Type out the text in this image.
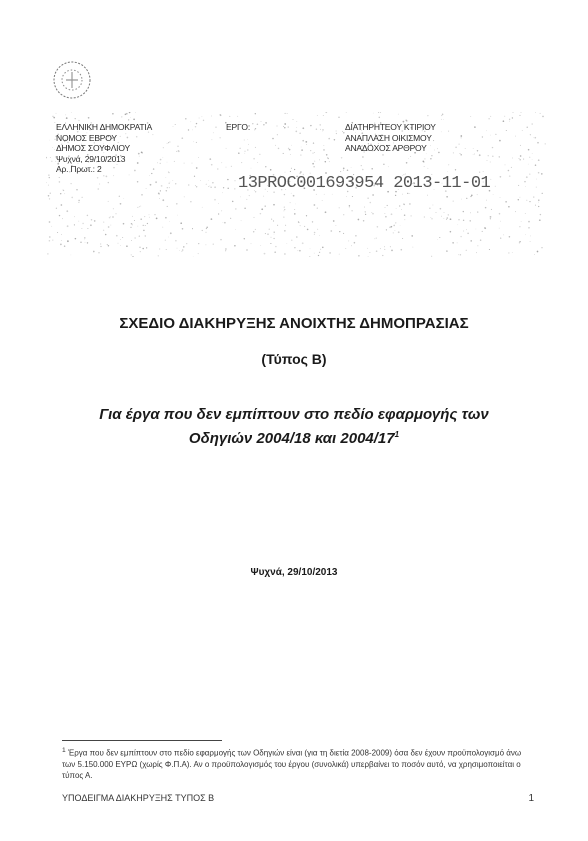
ΕΛΛΗΝΙΚΗ ΔΗΜΟΚΡΑΤΙΑ
ΝΟΜΟΣ ΕΒΡΟΥ
ΔΗΜΟΣ ΣΟΥΦΛΙΟΥ
Ψυχνά, 29/10/2013
Αρ. Πρωτ.: 2
ΕΡΓΟ:	ΔΙΑΤΗΡΗΤΕΟΥ ΚΤΙΡΙΟΥ
ΑΝΑΠΛΑΣΗ ΟΙΚΙΣΜΟΥ
ΑΝΑΔΟΧΟΣ ΑΡΘΡΟΥ
13PROC001693954 2013-11-01
ΣΧΕΔΙΟ ΔΙΑΚΗΡΥΞΗΣ ΑΝΟΙΧΤΗΣ ΔΗΜΟΠΡΑΣΙΑΣ
(Τύπος Β)
Για έργα που δεν εμπίπτουν στο πεδίο εφαρμογής των
Οδηγιών 2004/18 και $2004/17^1$
Ψυχνά, 29/10/2013
$^1$ Έργα που δεν εμπίπτουν στο πεδίο εφαρμογής των Οδηγιών είναι (για τη διετία 2008-2009) όσα δεν έχουν προϋπολογισμό άνω των 5.150.000 ΕΥΡΩ (χωρίς Φ.Π.Α). Αν ο προϋπολογισμός του έργου (συνολικά) υπερβαίνει το ποσόν αυτό, να χρησιμοποιείται ο τύπος Α.
ΥΠΟΔΕΙΓΜΑ ΔΙΑΚΗΡΥΞΗΣ ΤΥΠΟΣ Β	1
